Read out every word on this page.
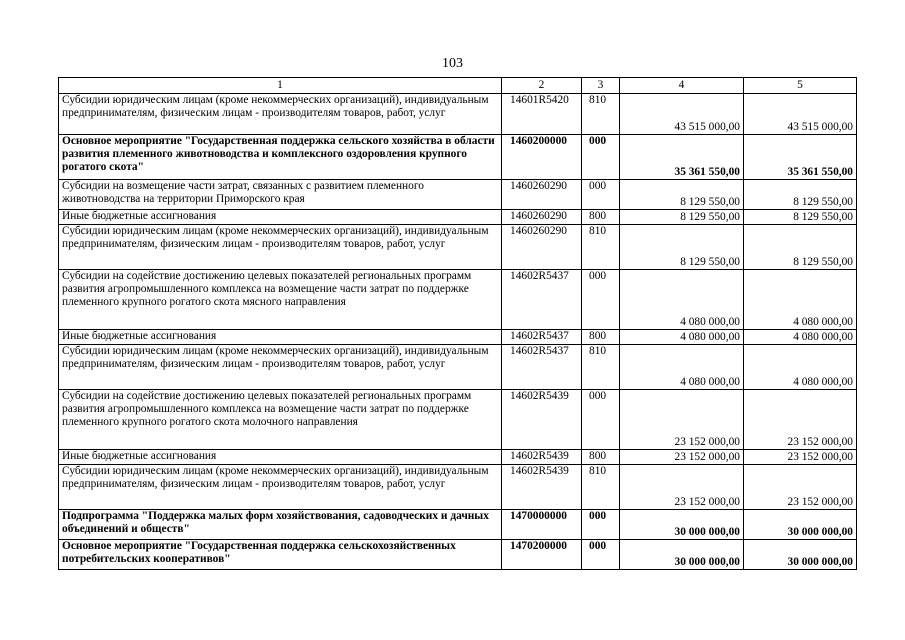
103
1	2	3	4	5
Субсидии юридическим лицам (кроме некоммерческих организаций), индивидуальным предпринимателям, физическим лицам - производителям товаров, работ, услуг	14601R5420	810	43 515 000,00	43 515 000,00
Основное мероприятие "Государственная поддержка сельского хозяйства в области развития племенного животноводства и комплексного оздоровления крупного рогатого скота"	1460200000	000	35 361 550,00	35 361 550,00
Субсидии на возмещение части затрат, связанных с развитием племенного животноводства на территории Приморского края	1460260290	000	8 129 550,00	8 129 550,00
Иные бюджетные ассигнования	1460260290	800	8 129 550,00	8 129 550,00
Субсидии юридическим лицам (кроме некоммерческих организаций), индивидуальным предпринимателям, физическим лицам - производителям товаров, работ, услуг	1460260290	810	8 129 550,00	8 129 550,00
Субсидии на содействие достижению целевых показателей региональных программ развития агропромышленного комплекса на возмещение части затрат по поддержке племенного крупного рогатого скота мясного направления	14602R5437	000	4 080 000,00	4 080 000,00
Иные бюджетные ассигнования	14602R5437	800	4 080 000,00	4 080 000,00
Субсидии юридическим лицам (кроме некоммерческих организаций), индивидуальным предпринимателям, физическим лицам - производителям товаров, работ, услуг	14602R5437	810	4 080 000,00	4 080 000,00
Субсидии на содействие достижению целевых показателей региональных программ развития агропромышленного комплекса на возмещение части затрат по поддержке племенного крупного рогатого скота молочного направления	14602R5439	000	23 152 000,00	23 152 000,00
Иные бюджетные ассигнования	14602R5439	800	23 152 000,00	23 152 000,00
Субсидии юридическим лицам (кроме некоммерческих организаций), индивидуальным предпринимателям, физическим лицам - производителям товаров, работ, услуг	14602R5439	810	23 152 000,00	23 152 000,00
Подпрограмма "Поддержка малых форм хозяйствования, садоводческих и дачных объединений и обществ"	1470000000	000	30 000 000,00	30 000 000,00
Основное мероприятие "Государственная поддержка сельскохозяйственных потребительских кооперативов"	1470200000	000	30 000 000,00	30 000 000,00
